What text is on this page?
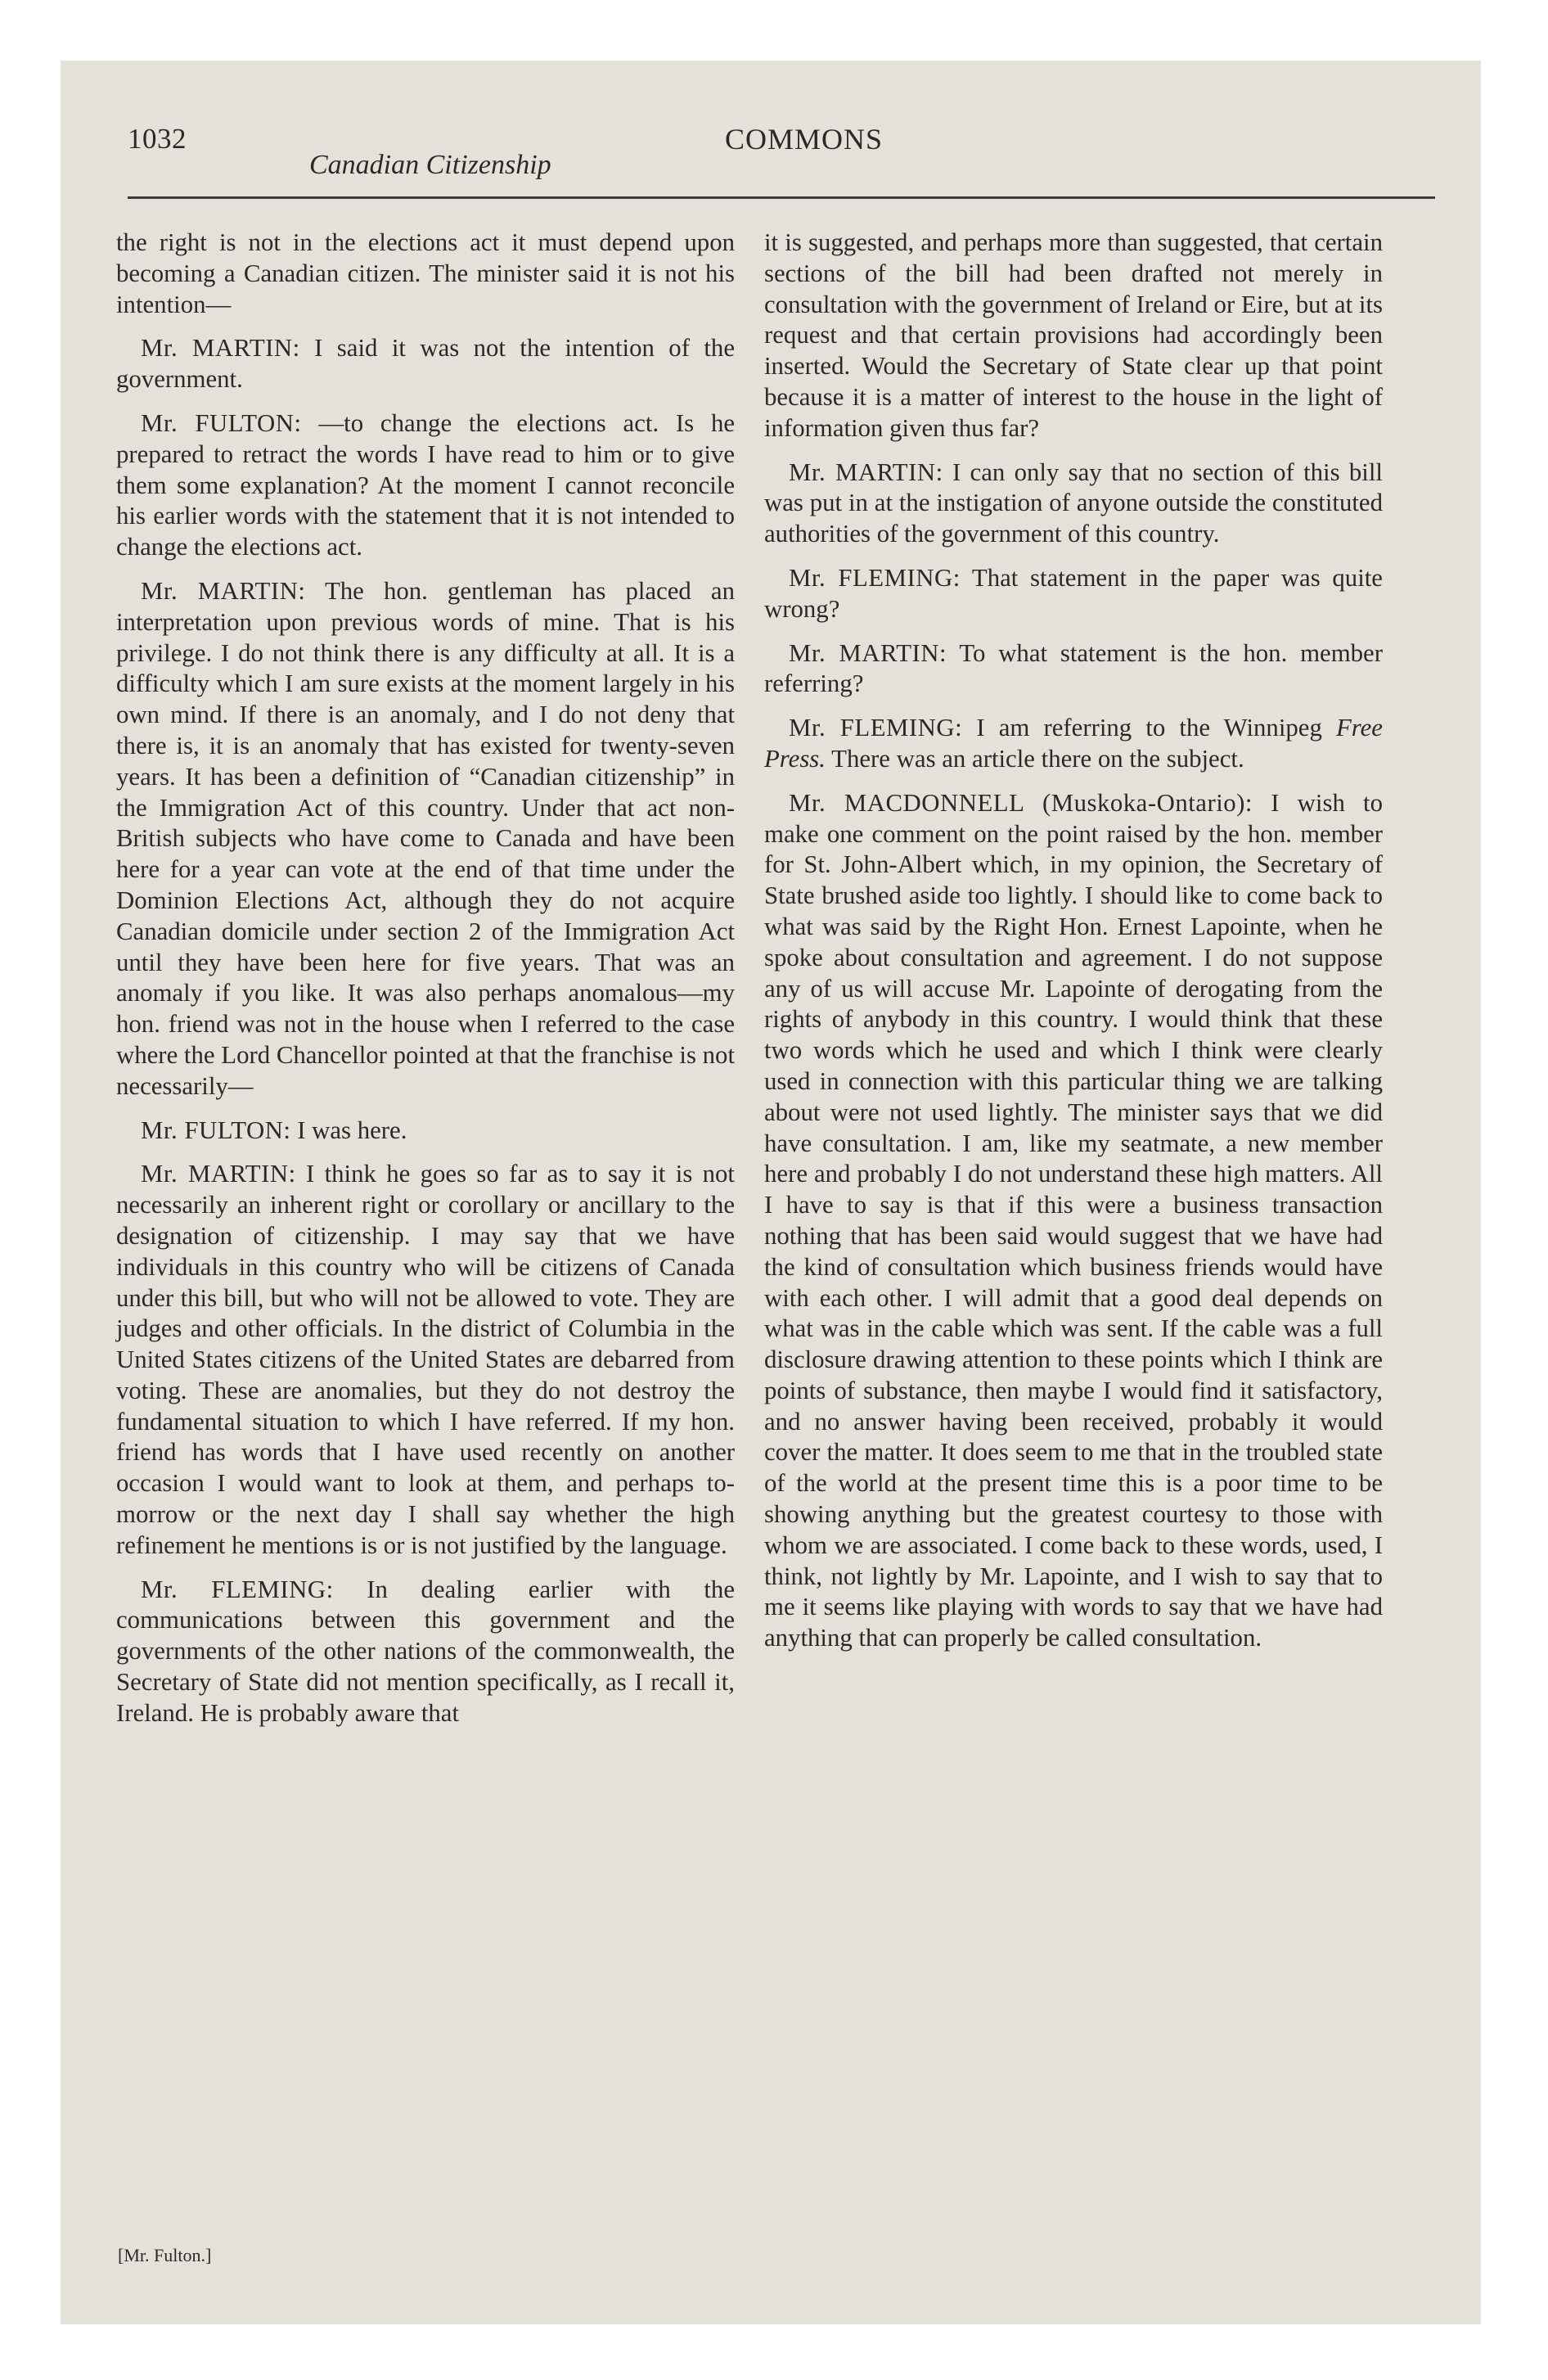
1032
Canadian Citizenship
COMMONS

the right is not in the elections act it must depend upon becoming a Canadian citizen. The minister said it is not his intention—

Mr. MARTIN: I said it was not the intention of the government.

Mr. FULTON: —to change the elections act. Is he prepared to retract the words I have read to him or to give them some explanation? At the moment I cannot reconcile his earlier words with the statement that it is not intended to change the elections act.

Mr. MARTIN: The hon. gentleman has placed an interpretation upon previous words of mine. That is his privilege. I do not think there is any difficulty at all. It is a difficulty which I am sure exists at the moment largely in his own mind. If there is an anomaly, and I do not deny that there is, it is an anomaly that has existed for twenty-seven years. It has been a definition of “Canadian citizenship” in the Immigration Act of this country. Under that act non-British subjects who have come to Canada and have been here for a year can vote at the end of that time under the Dominion Elections Act, although they do not acquire Canadian domicile under section 2 of the Immigration Act until they have been here for five years. That was an anomaly if you like. It was also perhaps anomalous—my hon. friend was not in the house when I referred to the case where the Lord Chancellor pointed at that the franchise is not necessarily—

Mr. FULTON: I was here.

Mr. MARTIN: I think he goes so far as to say it is not necessarily an inherent right or corollary or ancillary to the designation of citizenship. I may say that we have individuals in this country who will be citizens of Canada under this bill, but who will not be allowed to vote. They are judges and other officials. In the district of Columbia in the United States citizens of the United States are debarred from voting. These are anomalies, but they do not destroy the fundamental situation to which I have referred. If my hon. friend has words that I have used recently on another occasion I would want to look at them, and perhaps to-morrow or the next day I shall say whether the high refinement he mentions is or is not justified by the language.

Mr. FLEMING: In dealing earlier with the communications between this government and the governments of the other nations of the commonwealth, the Secretary of State did not mention specifically, as I recall it, Ireland. He is probably aware that

it is suggested, and perhaps more than suggested, that certain sections of the bill had been drafted not merely in consultation with the government of Ireland or Eire, but at its request and that certain provisions had accordingly been inserted. Would the Secretary of State clear up that point because it is a matter of interest to the house in the light of information given thus far?

Mr. MARTIN: I can only say that no section of this bill was put in at the instigation of anyone outside the constituted authorities of the government of this country.

Mr. FLEMING: That statement in the paper was quite wrong?

Mr. MARTIN: To what statement is the hon. member referring?

Mr. FLEMING: I am referring to the Winnipeg Free Press. There was an article there on the subject.

Mr. MACDONNELL (Muskoka-Ontario): I wish to make one comment on the point raised by the hon. member for St. John-Albert which, in my opinion, the Secretary of State brushed aside too lightly. I should like to come back to what was said by the Right Hon. Ernest Lapointe, when he spoke about consultation and agreement. I do not suppose any of us will accuse Mr. Lapointe of derogating from the rights of anybody in this country. I would think that these two words which he used and which I think were clearly used in connection with this particular thing we are talking about were not used lightly. The minister says that we did have consultation. I am, like my seatmate, a new member here and probably I do not understand these high matters. All I have to say is that if this were a business transaction nothing that has been said would suggest that we have had the kind of consultation which business friends would have with each other. I will admit that a good deal depends on what was in the cable which was sent. If the cable was a full disclosure drawing attention to these points which I think are points of substance, then maybe I would find it satisfactory, and no answer having been received, probably it would cover the matter. It does seem to me that in the troubled state of the world at the present time this is a poor time to be showing anything but the greatest courtesy to those with whom we are associated. I come back to these words, used, I think, not lightly by Mr. Lapointe, and I wish to say that to me it seems like playing with words to say that we have had anything that can properly be called consultation.

[Mr. Fulton.]
